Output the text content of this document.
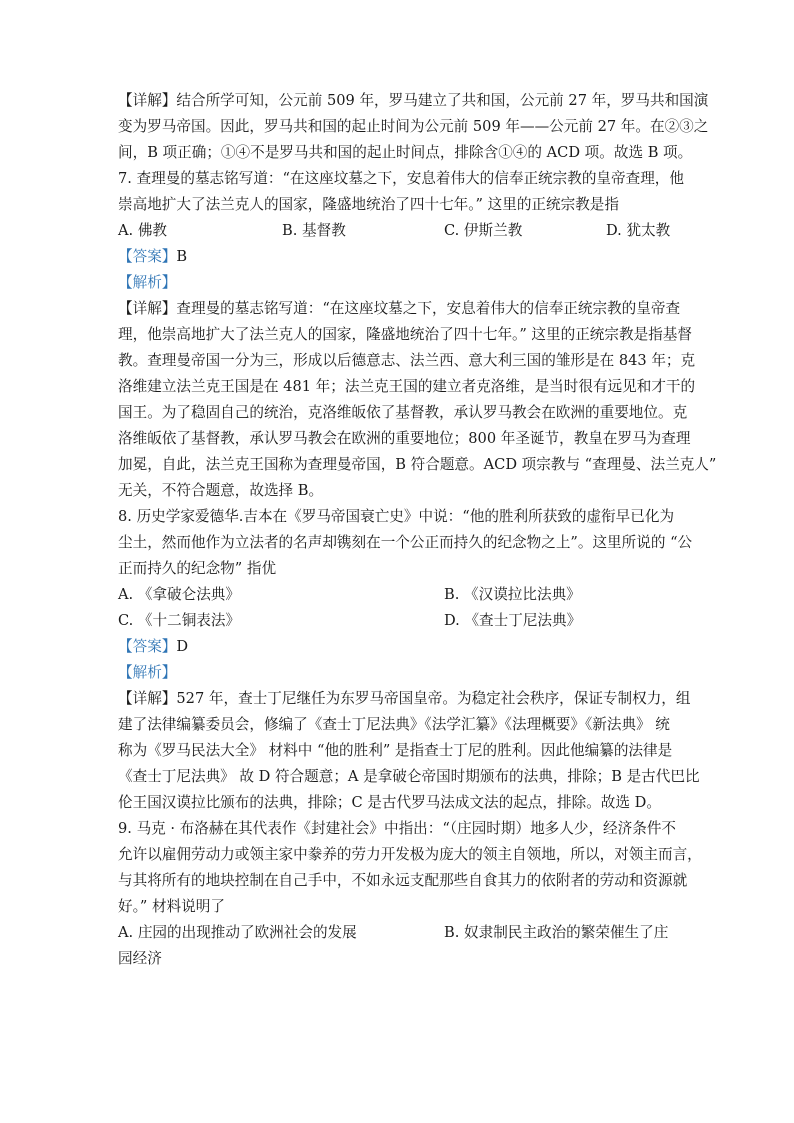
【详解】结合所学可知，公元前 509 年，罗马建立了共和国，公元前 27 年，罗马共和国演
变为罗马帝国。因此，罗马共和国的起止时间为公元前 509 年——公元前 27 年。在②③之
间，B 项正确；①④不是罗马共和国的起止时间点，排除含①④的 ACD 项。故选 B 项。
7. 查理曼的墓志铭写道：“在这座坟墓之下，安息着伟大的信奉正统宗教的皇帝查理，他
崇高地扩大了法兰克人的国家，隆盛地统治了四十七年。” 这里的正统宗教是指
A. 佛教	B. 基督教	C. 伊斯兰教	D. 犹太教
【答案】B
【解析】
【详解】查理曼的墓志铭写道：“在这座坟墓之下，安息着伟大的信奉正统宗教的皇帝查
理，他崇高地扩大了法兰克人的国家，隆盛地统治了四十七年。” 这里的正统宗教是指基督
教。查理曼帝国一分为三，形成以后德意志、法兰西、意大利三国的雏形是在 843 年；克
洛维建立法兰克王国是在 481 年；法兰克王国的建立者克洛维，是当时很有远见和才干的
国王。为了稳固自己的统治，克洛维皈依了基督教，承认罗马教会在欧洲的重要地位。克
洛维皈依了基督教，承认罗马教会在欧洲的重要地位；800 年圣诞节，教皇在罗马为查理
加冕，自此，法兰克王国称为查理曼帝国，B 符合题意。ACD 项宗教与 “查理曼、法兰克人”
无关，不符合题意，故选择 B。
8. 历史学家爱德华.吉本在《罗马帝国衰亡史》中说：“他的胜利所获致的虚衔早已化为
尘土，然而他作为立法者的名声却镌刻在一个公正而持久的纪念物之上”。这里所说的 “公
正而持久的纪念物” 指优
A. 《拿破仑法典》	B. 《汉谟拉比法典》
C. 《十二铜表法》	D. 《查士丁尼法典》
【答案】D
【解析】
【详解】527 年，查士丁尼继任为东罗马帝国皇帝。为稳定社会秩序，保证专制权力，组
建了法律编纂委员会，修编了《查士丁尼法典》《法学汇纂》《法理概要》《新法典》 统
称为《罗马民法大全》 材料中 “他的胜利” 是指查士丁尼的胜利。因此他编纂的法律是
《查士丁尼法典》 故 D 符合题意；A 是拿破仑帝国时期颁布的法典，排除；B 是古代巴比
伦王国汉谟拉比颁布的法典，排除；C 是古代罗马法成文法的起点，排除。故选 D。
9. 马克 · 布洛赫在其代表作《封建社会》中指出：“（庄园时期）地多人少，经济条件不
允许以雇佣劳动力或领主家中豢养的劳力开发极为庞大的领主自领地，所以，对领主而言，
与其将所有的地块控制在自己手中，不如永远支配那些自食其力的依附者的劳动和资源就
好。” 材料说明了
A. 庄园的出现推动了欧洲社会的发展	B. 奴隶制民主政治的繁荣催生了庄
园经济
